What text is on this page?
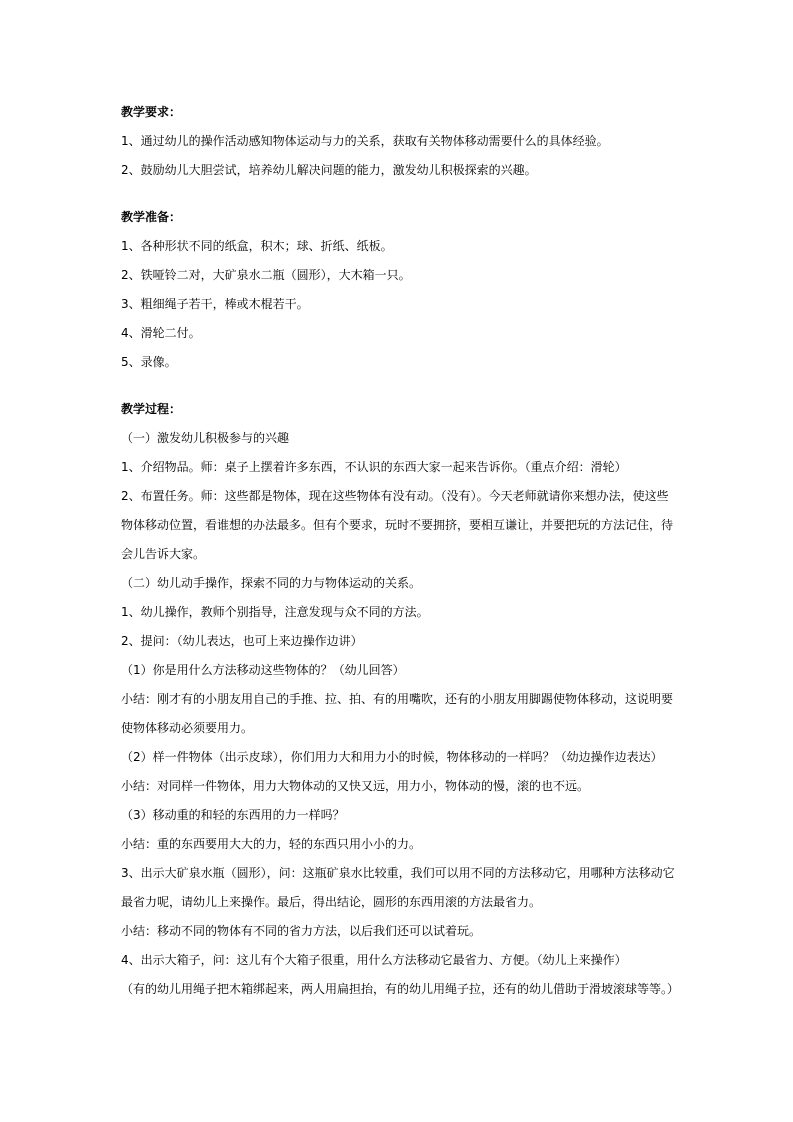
教学要求：

1、通过幼儿的操作活动感知物体运动与力的关系，获取有关物体移动需要什么的具体经验。

2、鼓励幼儿大胆尝试，培养幼儿解决问题的能力，激发幼儿积极探索的兴趣。

教学准备：

1、各种形状不同的纸盒，积木；球、折纸、纸板。

2、铁哑铃二对，大矿泉水二瓶（圆形），大木箱一只。

3、粗细绳子若干，棒或木棍若干。

4、滑轮二付。

5、录像。

教学过程：

（一）激发幼儿积极参与的兴趣

1、介绍物品。师：桌子上摆着许多东西，不认识的东西大家一起来告诉你。（重点介绍：滑轮）

2、布置任务。师：这些都是物体，现在这些物体有没有动。（没有）。今天老师就请你来想办法，使这些

物体移动位置，看谁想的办法最多。但有个要求，玩时不要拥挤，要相互谦让，并要把玩的方法记住，待

会儿告诉大家。

（二）幼儿动手操作，探索不同的力与物体运动的关系。

1、幼儿操作，教师个别指导，注意发现与众不同的方法。

2、提问：（幼儿表达，也可上来边操作边讲）

（1）你是用什么方法移动这些物体的？（幼儿回答）

小结：刚才有的小朋友用自己的手推、拉、拍、有的用嘴吹，还有的小朋友用脚踢使物体移动，这说明要

使物体移动必须要用力。

（2）样一件物体（出示皮球），你们用力大和用力小的时候，物体移动的一样吗？（幼边操作边表达）

小结：对同样一件物体，用力大物体动的又快又远，用力小，物体动的慢，滚的也不远。

（3）移动重的和轻的东西用的力一样吗？

小结：重的东西要用大大的力，轻的东西只用小小的力。

3、出示大矿泉水瓶（圆形），问：这瓶矿泉水比较重，我们可以用不同的方法移动它，用哪种方法移动它

最省力呢，请幼儿上来操作。最后，得出结论，圆形的东西用滚的方法最省力。

小结：移动不同的物体有不同的省力方法，以后我们还可以试着玩。

4、出示大箱子，问：这儿有个大箱子很重，用什么方法移动它最省力、方便。（幼儿上来操作）

（有的幼儿用绳子把木箱绑起来，两人用扁担抬，有的幼儿用绳子拉，还有的幼儿借助于滑坡滚球等等。）
